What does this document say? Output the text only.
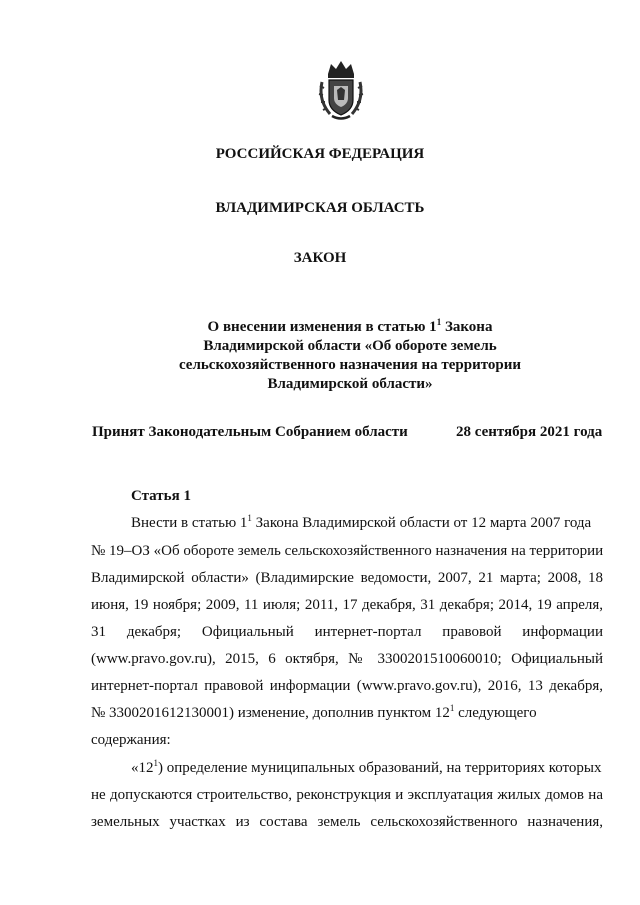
РОССИЙСКАЯ ФЕДЕРАЦИЯ
ВЛАДИМИРСКАЯ ОБЛАСТЬ
ЗАКОН
О внесении изменения в статью $1^1$ Закона
Владимирской области «Об обороте земель
сельскохозяйственного назначения на территории
Владимирской области»
Принят Законодательным Собранием области	28 сентября 2021 года
Статья 1
Внести в статью $1^1$ Закона Владимирской области от 12 марта 2007 года
№ 19–ОЗ «Об обороте земель сельскохозяйственного назначения на территории
Владимирской области» (Владимирские ведомости, 2007, 21 марта; 2008, 18
июня, 19 ноября; 2009, 11 июля; 2011, 17 декабря, 31 декабря; 2014, 19 апреля,
31 декабря; Официальный интернет-портал правовой информации
(www.pravo.gov.ru), 2015, 6 октября, № 3300201510060010; Официальный
интернет-портал правовой информации (www.pravo.gov.ru), 2016, 13 декабря,
№ 3300201612130001) изменение, дополнив пунктом $12^1$ следующего
содержания:
«$12^1$) определение муниципальных образований, на территориях которых
не допускаются строительство, реконструкция и эксплуатация жилых домов на
земельных участках из состава земель сельскохозяйственного назначения,
